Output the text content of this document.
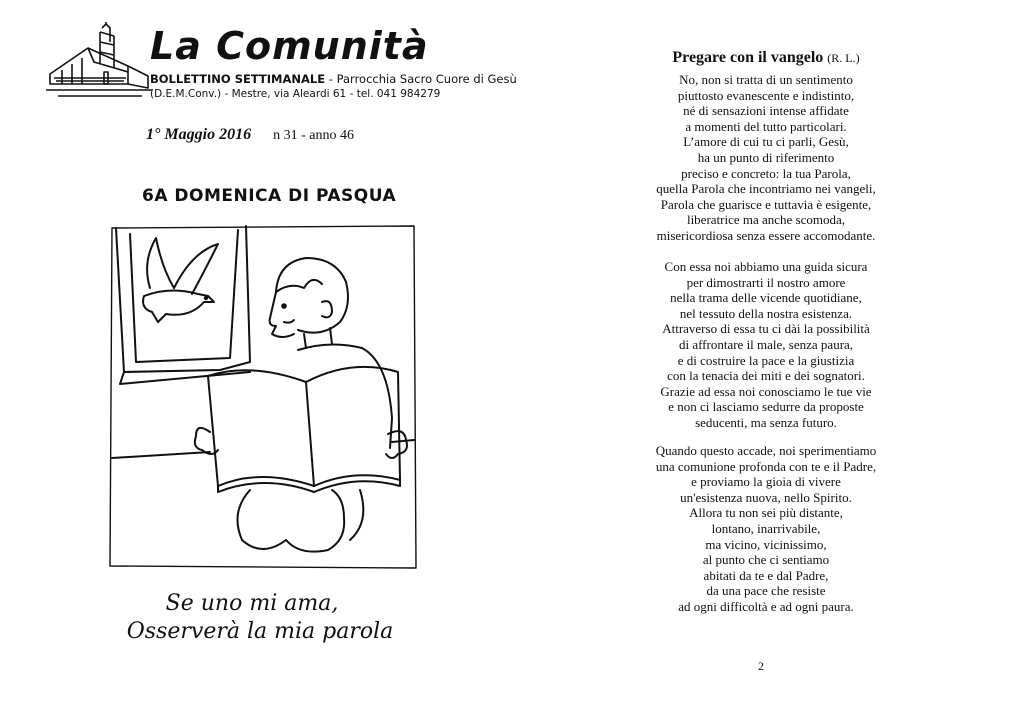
La Comunità
BOLLETTINO SETTIMANALE - Parrocchia Sacro Cuore di Gesù
(D.E.M.Conv.) - Mestre, via Aleardi 61 - tel. 041 984279
1° Maggio 2016 n 31 - anno 46
6A DOMENICA DI PASQUA
Se uno mi ama,
Osserverà la mia parola
Pregare con il vangelo (R. L.)
No, non si tratta di un sentimento
piuttosto evanescente e indistinto,
né di sensazioni intense affidate
a momenti del tutto particolari.
L’amore di cui tu ci parli, Gesù,
ha un punto di riferimento
preciso e concreto: la tua Parola,
quella Parola che incontriamo nei vangeli,
Parola che guarisce e tuttavia è esigente,
liberatrice ma anche scomoda,
misericordiosa senza essere accomodante.
Con essa noi abbiamo una guida sicura
per dimostrarti il nostro amore
nella trama delle vicende quotidiane,
nel tessuto della nostra esistenza.
Attraverso di essa tu ci dài la possibilità
di affrontare il male, senza paura,
e di costruire la pace e la giustizia
con la tenacia dei miti e dei sognatori.
Grazie ad essa noi conosciamo le tue vie
e non ci lasciamo sedurre da proposte
seducenti, ma senza futuro.
Quando questo accade, noi sperimentiamo
una comunione profonda con te e il Padre,
e proviamo la gioia di vivere
un'esistenza nuova, nello Spirito.
Allora tu non sei più distante,
lontano, inarrivabile,
ma vicino, vicinissimo,
al punto che ci sentiamo
abitati da te e dal Padre,
da una pace che resiste
ad ogni difficoltà e ad ogni paura.
2
